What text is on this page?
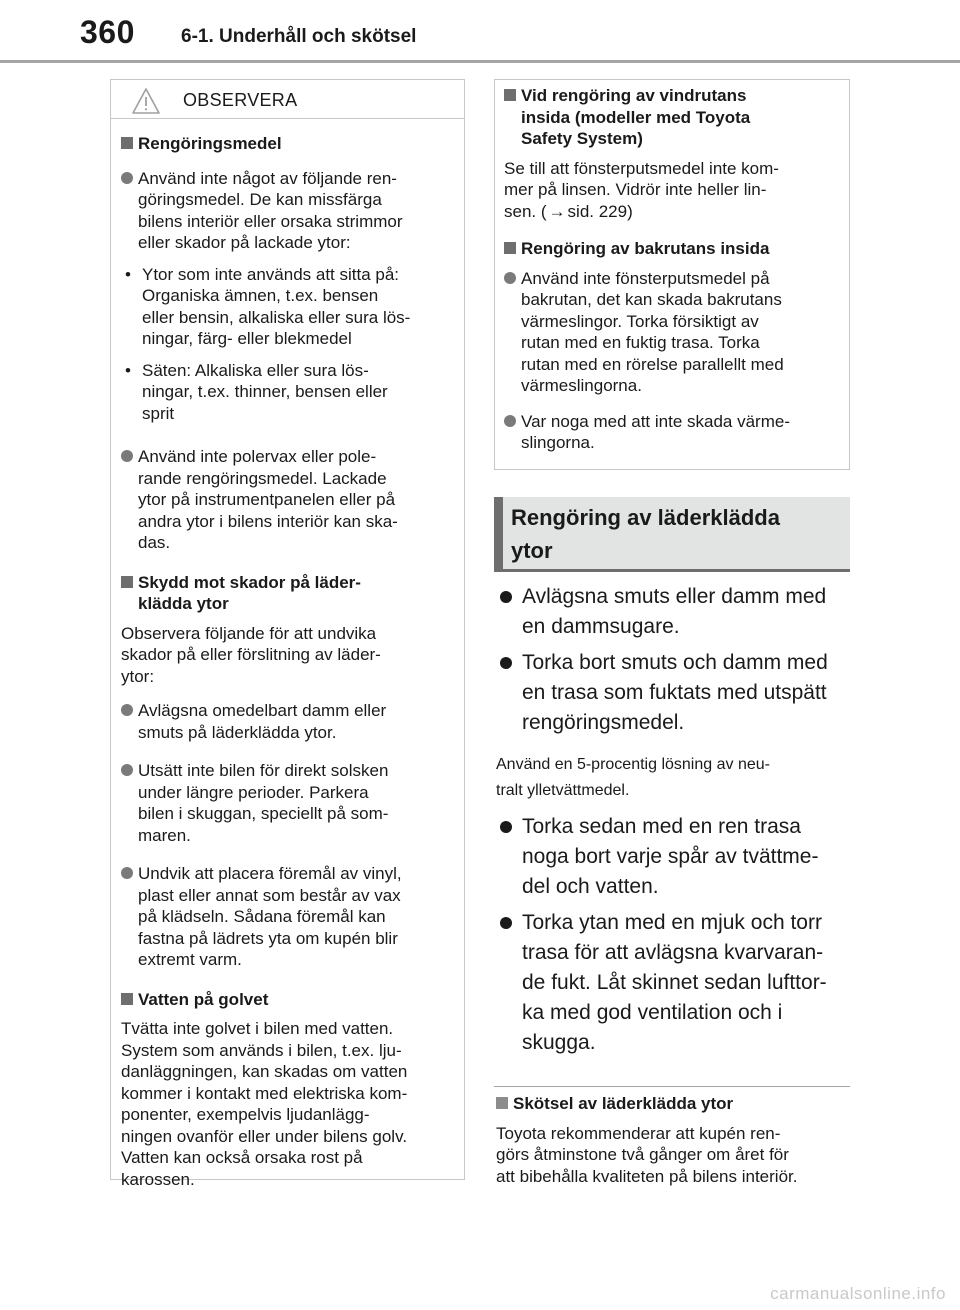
360 6-1. Underhåll och skötsel
OBSERVERA
Rengöringsmedel
Använd inte något av följande ren-
göringsmedel. De kan missfärga
bilens interiör eller orsaka strimmor
eller skador på lackade ytor:
• Ytor som inte används att sitta på:
Organiska ämnen, t.ex. bensen
eller bensin, alkaliska eller sura lös-
ningar, färg- eller blekmedel
• Säten: Alkaliska eller sura lös-
ningar, t.ex. thinner, bensen eller
sprit
Använd inte polervax eller pole-
rande rengöringsmedel. Lackade
ytor på instrumentpanelen eller på
andra ytor i bilens interiör kan ska-
das.
Skydd mot skador på läder-
klädda ytor
Observera följande för att undvika
skador på eller förslitning av läder-
ytor:
Avlägsna omedelbart damm eller
smuts på läderklädda ytor.
Utsätt inte bilen för direkt solsken
under längre perioder. Parkera
bilen i skuggan, speciellt på som-
maren.
Undvik att placera föremål av vinyl,
plast eller annat som består av vax
på klädseln. Sådana föremål kan
fastna på lädrets yta om kupén blir
extremt varm.
Vatten på golvet
Tvätta inte golvet i bilen med vatten.
System som används i bilen, t.ex. lju-
danläggningen, kan skadas om vatten
kommer i kontakt med elektriska kom-
ponenter, exempelvis ljudanlägg-
ningen ovanför eller under bilens golv.
Vatten kan också orsaka rost på
karossen.
Vid rengöring av vindrutans
insida (modeller med Toyota
Safety System)
Se till att fönsterputsmedel inte kom-
mer på linsen. Vidrör inte heller lin-
sen. ( → sid. 229)
Rengöring av bakrutans insida
Använd inte fönsterputsmedel på
bakrutan, det kan skada bakrutans
värmeslingor. Torka försiktigt av
rutan med en fuktig trasa. Torka
rutan med en rörelse parallellt med
värmeslingorna.
Var noga med att inte skada värme-
slingorna.
Rengöring av läderklädda
ytor
Avlägsna smuts eller damm med
en dammsugare.
Torka bort smuts och damm med
en trasa som fuktats med utspätt
rengöringsmedel.
Använd en 5-procentig lösning av neu-
tralt ylletvättmedel.
Torka sedan med en ren trasa
noga bort varje spår av tvättme-
del och vatten.
Torka ytan med en mjuk och torr
trasa för att avlägsna kvarvaran-
de fukt. Låt skinnet sedan lufttor-
ka med god ventilation och i
skugga.
Skötsel av läderklädda ytor
Toyota rekommenderar att kupén ren-
görs åtminstone två gånger om året för
att bibehålla kvaliteten på bilens interiör.
carmanualsonline.info
